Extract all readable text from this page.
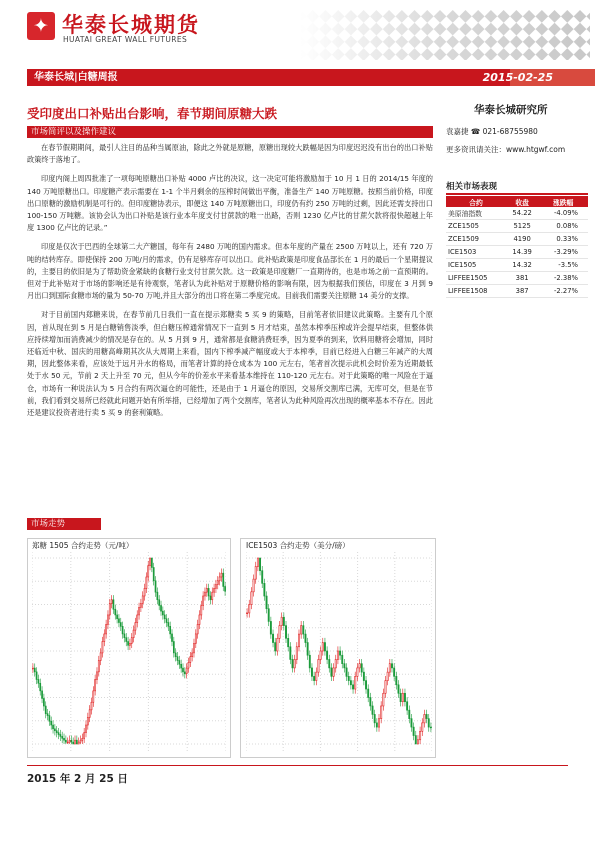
✦ 华泰长城期货
HUATAI GREAT WALL FUTURES
华泰长城|白糖周报	2015-02-25
受印度出口补贴出台影响，春节期间原糖大跌
市场简评以及操作建议

在春节假期期间，最引人注目的品种当属原油，除此之外就是原糖，原糖出现较大跌幅是因为印度迟迟没有出台的出口补贴政策终于落地了。

印度内阁上周四批准了一项每吨原糖出口补贴 4000 卢比的决议，这一决定可能将激励加于 10 月 1 日的 2014/15 年度的 140 万吨原糖出口。印度糖产表示需要在 1-1 个半月剩余的压榨时间做出平衡，准备生产 140 万吨原糖。按照当前价格，印度出口原糖的激励机制是可行的。但印度糖协表示，即便这 140 万吨原糖出口，印度仍有约 250 万吨的过剩，因此还需支持出口 100-150 万吨糖。该协会认为出口补贴是该行业本年度支付甘蔗款的唯一出路，否则 1230 亿卢比的甘蔗欠款将很快超越上年度 1300 亿卢比的记录。”

印度是仅次于巴西的全球第二大产糖国，每年有 2480 万吨的国内需求。但本年度的产量在 2500 万吨以上，还有 720 万吨的结转库存。即使保持 200 万吨/月的需求，仍有足够库存可以出口。此补贴政策是印度食品部长在 1 月的最后一个星期提议的，主要目的依旧是为了帮助资金紧缺的食糖行业支付甘蔗欠款。这一政策是印度糖厂一直期待的，也是市场之前一直预期的。但对于此补贴对于市场的影响还是有待观察，笔者认为此补贴对于原糖价格的影响有限，因为根据我们预估，印度在 3 月到 9 月出口到国际食糖市场的量为 50-70 万吨,并且大部分的出口将在第二季度完成。目前我们需要关注原糖 14 美分的支撑。

对于目前国内郑糖来说，在春节前几日我们一直在提示郑糖卖 5 买 9 的策略，目前笔者依旧建议此策略。主要有几个原因，首从现在到 5 月是白糖销售淡季，但白糖压榨通常情况下一直到 5 月才结束，虽然本榨季压榨或许会提早结束，但整体供应持续增加而消费减少的情况是存在的。从 5 月到 9 月，通常都是食糖消费旺季，因为夏季的到来，饮料用糖将会增加，同时还临近中秋、国庆的用糖高峰期其次从大周期上来看，国内下榨季减产幅度或大于本榨季，目前已经进入白糖三年减产的大周期，因此整体来看，应该处于远月升水的格局，而笔者计算的持仓成本为 100 元左右，笔者首次提示此机会时价差为近期最低处于水 50 元，节前 2 天上升至 70 元，但从今年的价差水平来看基本维持在 110-120 元左右。对于此策略的唯一风险在于逼仓，市场有一种说法认为 5 月合约有两次逼仓的可能性，还是由于 1 月逼仓的原因，交易所交割库已满，无库可交，但是在节前，我们看到交易所已经就此问题开始有所举措，已经增加了两个交割库，笔者认为此种风险再次出现的概率基本不存在。因此还是建议投资者进行卖 5 买 9 的套利策略。

华泰长城研究所
袁嘉捷 ☎ 021-68755980
更多资讯请关注：www.htgwf.com
相关市场表现
合约	收盘	涨跌幅
美原油指数	54.22	-4.09%
ZCE1505	5125	0.08%
ZCE1509	4190	0.33%
ICE1503	14.39	-3.29%
ICE1505	14.32	-3.5%
LIFFEE1505	381	-2.38%
LIFFEE1508	387	-2.27%
市场走势
郑糖 1505 合约走势（元/吨）	ICE1503 合约走势（美分/磅）
2015 年 2 月 25 日
